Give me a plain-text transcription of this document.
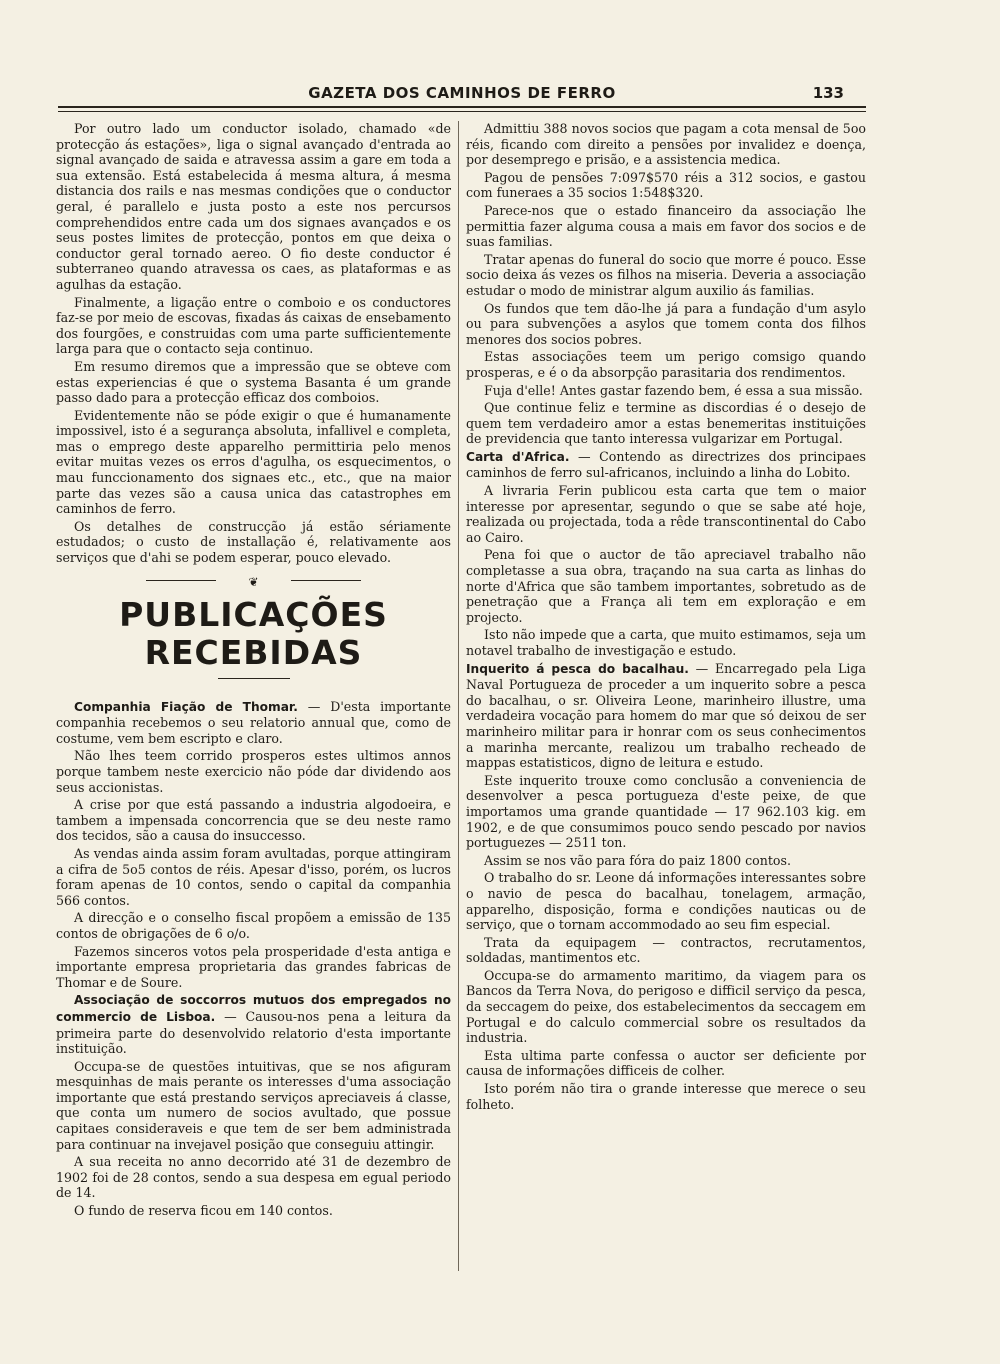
GAZETA DOS CAMINHOS DE FERRO	133

Por outro lado um conductor isolado, chamado «de protecção ás estações», liga o signal avançado d'entrada ao signal avançado de saida e atravessa assim a gare em toda a sua extensão. Está estabelecida á mesma altura, á mesma distancia dos rails e nas mesmas condições que o conductor geral, é parallelo e justa posto a este nos percursos comprehendidos entre cada um dos signaes avançados e os seus postes limites de protecção, pontos em que deixa o conductor geral tornado aereo. O fio deste conductor é subterraneo quando atravessa os caes, as plataformas e as agulhas da estação.

Finalmente, a ligação entre o comboio e os conductores faz-se por meio de escovas, fixadas ás caixas de ensebamento dos fourgões, e construidas com uma parte sufficientemente larga para que o contacto seja continuo.

Em resumo diremos que a impressão que se obteve com estas experiencias é que o systema Basanta é um grande passo dado para a protecção efficaz dos comboios.

Evidentemente não se póde exigir o que é humanamente impossivel, isto é a segurança absoluta, infallivel e completa, mas o emprego deste apparelho permittiria pelo menos evitar muitas vezes os erros d'agulha, os esquecimentos, o mau funccionamento dos signaes etc., etc., que na maior parte das vezes são a causa unica das catastrophes em caminhos de ferro.

Os detalhes de construcção já estão sériamente estudados; o custo de installação é, relativamente aos serviços que d'ahi se podem esperar, pouco elevado.

❦
PUBLICAÇÕES RECEBIDAS

Companhia Fiação de Thomar. — D'esta importante companhia recebemos o seu relatorio annual que, como de costume, vem bem escripto e claro.

Não lhes teem corrido prosperos estes ultimos annos porque tambem neste exercicio não póde dar dividendo aos seus accionistas.

A crise por que está passando a industria algodoeira, e tambem a impensada concorrencia que se deu neste ramo dos tecidos, são a causa do insuccesso.

As vendas ainda assim foram avultadas, porque attingiram a cifra de 5o5 contos de réis. Apesar d'isso, porém, os lucros foram apenas de 10 contos, sendo o capital da companhia 566 contos.

A direcção e o conselho fiscal propõem a emissão de 135 contos de obrigações de 6 o/o.

Fazemos sinceros votos pela prosperidade d'esta antiga e importante empresa proprietaria das grandes fabricas de Thomar e de Soure.

Associação de soccorros mutuos dos empregados no commercio de Lisboa. — Causou-nos pena a leitura da primeira parte do desenvolvido relatorio d'esta importante instituição.

Occupa-se de questões intuitivas, que se nos afiguram mesquinhas de mais perante os interesses d'uma associação importante que está prestando serviços apreciaveis á classe, que conta um numero de socios avultado, que possue capitaes consideraveis e que tem de ser bem administrada para continuar na invejavel posição que conseguiu attingir.

A sua receita no anno decorrido até 31 de dezembro de 1902 foi de 28 contos, sendo a sua despesa em egual periodo de 14.

O fundo de reserva ficou em 140 contos.

Admittiu 388 novos socios que pagam a cota mensal de 5oo réis, ficando com direito a pensões por invalidez e doença, por desemprego e prisão, e a assistencia medica.

Pagou de pensões 7:097$570 réis a 312 socios, e gastou com funeraes a 35 socios 1:548$320.

Parece-nos que o estado financeiro da associação lhe permittia fazer alguma cousa a mais em favor dos socios e de suas familias.

Tratar apenas do funeral do socio que morre é pouco. Esse socio deixa ás vezes os filhos na miseria. Deveria a associação estudar o modo de ministrar algum auxilio ás familias.

Os fundos que tem dão-lhe já para a fundação d'um asylo ou para subvenções a asylos que tomem conta dos filhos menores dos socios pobres.

Estas associações teem um perigo comsigo quando prosperas, e é o da absorpção parasitaria dos rendimentos.

Fuja d'elle! Antes gastar fazendo bem, é essa a sua missão.

Que continue feliz e termine as discordias é o desejo de quem tem verdadeiro amor a estas benemeritas instituições de previdencia que tanto interessa vulgarizar em Portugal.

Carta d'Africa. — Contendo as directrizes dos principaes caminhos de ferro sul-africanos, incluindo a linha do Lobito.

A livraria Ferin publicou esta carta que tem o maior interesse por apresentar, segundo o que se sabe até hoje, realizada ou projectada, toda a rêde transcontinental do Cabo ao Cairo.

Pena foi que o auctor de tão apreciavel trabalho não completasse a sua obra, traçando na sua carta as linhas do norte d'Africa que são tambem importantes, sobretudo as de penetração que a França ali tem em exploração e em projecto.

Isto não impede que a carta, que muito estimamos, seja um notavel trabalho de investigação e estudo.

Inquerito á pesca do bacalhau. — Encarregado pela Liga Naval Portugueza de proceder a um inquerito sobre a pesca do bacalhau, o sr. Oliveira Leone, marinheiro illustre, uma verdadeira vocação para homem do mar que só deixou de ser marinheiro militar para ir honrar com os seus conhecimentos a marinha mercante, realizou um trabalho recheado de mappas estatisticos, digno de leitura e estudo.

Este inquerito trouxe como conclusão a conveniencia de desenvolver a pesca portugueza d'este peixe, de que importamos uma grande quantidade — 17 962.103 kig. em 1902, e de que consumimos pouco sendo pescado por navios portuguezes — 2511 ton.

Assim se nos vão para fóra do paiz 1800 contos.

O trabalho do sr. Leone dá informações interessantes sobre o navio de pesca do bacalhau, tonelagem, armação, apparelho, disposição, forma e condições nauticas ou de serviço, que o tornam accommodado ao seu fim especial.

Trata da equipagem — contractos, recrutamentos, soldadas, mantimentos etc.

Occupa-se do armamento maritimo, da viagem para os Bancos da Terra Nova, do perigoso e difficil serviço da pesca, da seccagem do peixe, dos estabelecimentos da seccagem em Portugal e do calculo commercial sobre os resultados da industria.

Esta ultima parte confessa o auctor ser deficiente por causa de informações difficeis de colher.

Isto porém não tira o grande interesse que merece o seu folheto.
